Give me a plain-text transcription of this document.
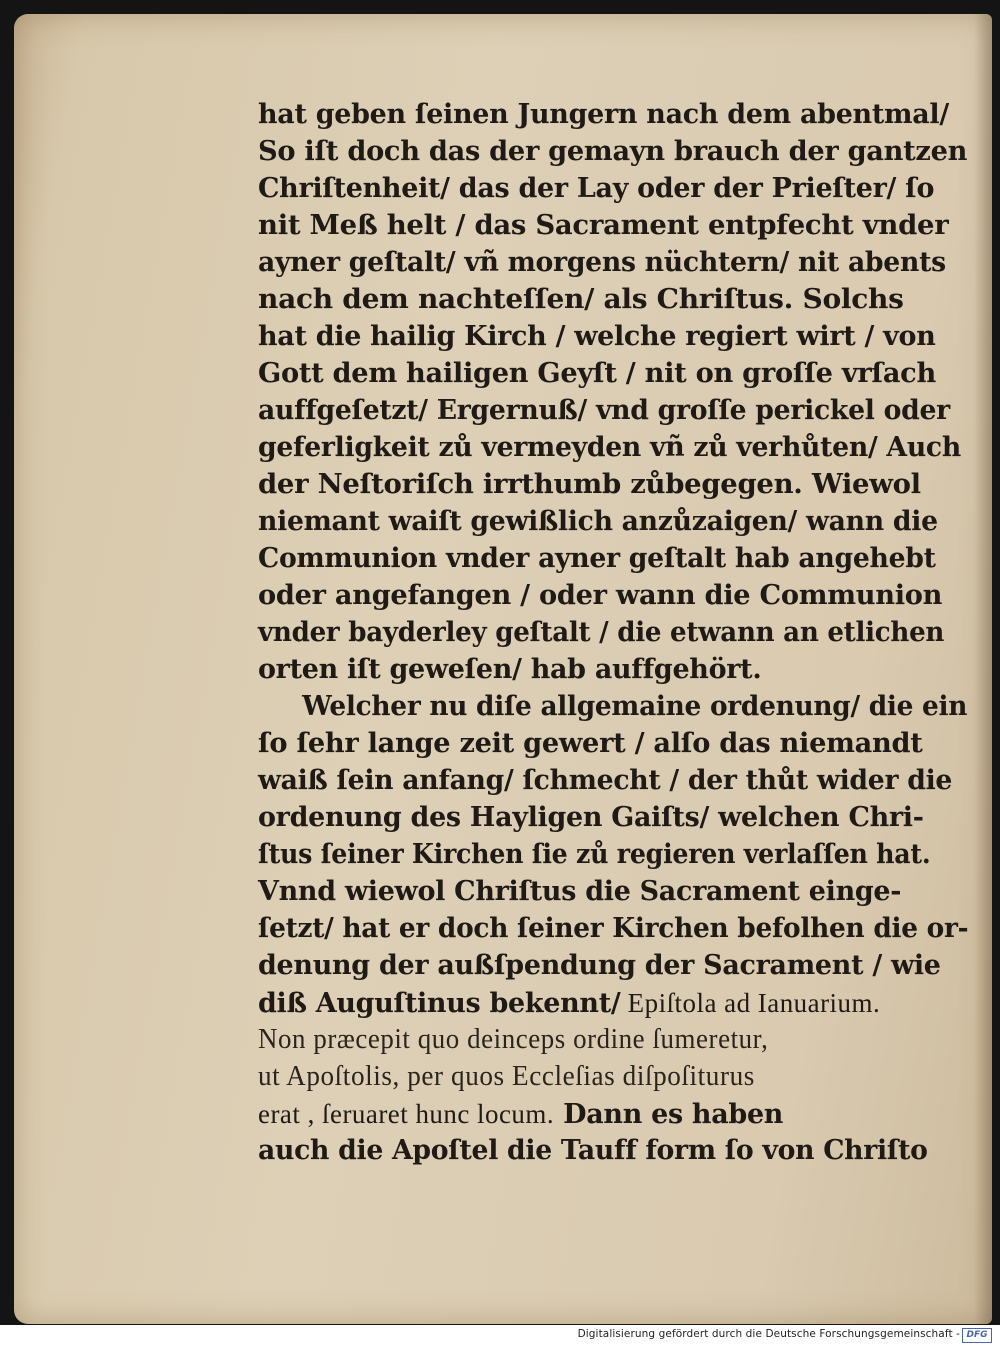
hat geben ſeinen Jungern nach dem abentmal/
So iſt doch das der gemayn brauch der gantzen
Chriſtenheit/ das der Lay oder der Prieſter/ ſo
nit Meß helt / das Sacrament entpfecht vnder
ayner geſtalt/ vñ morgens nüchtern/ nit abents
nach dem nachteſſen/ als Chriſtus. Solchs
hat die hailig Kirch / welche regiert wirt / von
Gott dem hailigen Geyſt / nit on groſſe vrſach
auffgeſetzt/ Ergernuß/ vnd groſſe perickel oder
geferligkeit zů vermeyden vñ zů verhůten/ Auch
der Neſtoriſch irrthumb zůbegegen. Wiewol
niemant waiſt gewißlich anzůzaigen/ wann die
Communion vnder ayner geſtalt hab angehebt
oder angefangen / oder wann die Communion
vnder bayderley geſtalt / die etwann an etlichen
orten iſt geweſen/ hab auffgehört.
Welcher nu diſe allgemaine ordenung/ die ein
ſo ſehr lange zeit gewert / alſo das niemandt
waiß ſein anfang/ ſchmecht / der thůt wider die
ordenung des Hayligen Gaiſts/ welchen Chri-
ſtus ſeiner Kirchen ſie zů regieren verlaſſen hat.
Vnnd wiewol Chriſtus die Sacrament einge-
ſetzt/ hat er doch ſeiner Kirchen befolhen die or-
denung der außſpendung der Sacrament / wie
diß Auguſtinus bekennt/ Epiſtola ad Ianuarium.
Non præcepit quo deinceps ordine ſumeretur,
ut Apoſtolis, per quos Eccleſias diſpoſiturus
erat , ſeruaret hunc locum. Dann es haben
auch die Apoſtel die Tauff form ſo von Chriſto
Digitalisierung gefördert durch die Deutsche Forschungsgemeinschaft - DFG
